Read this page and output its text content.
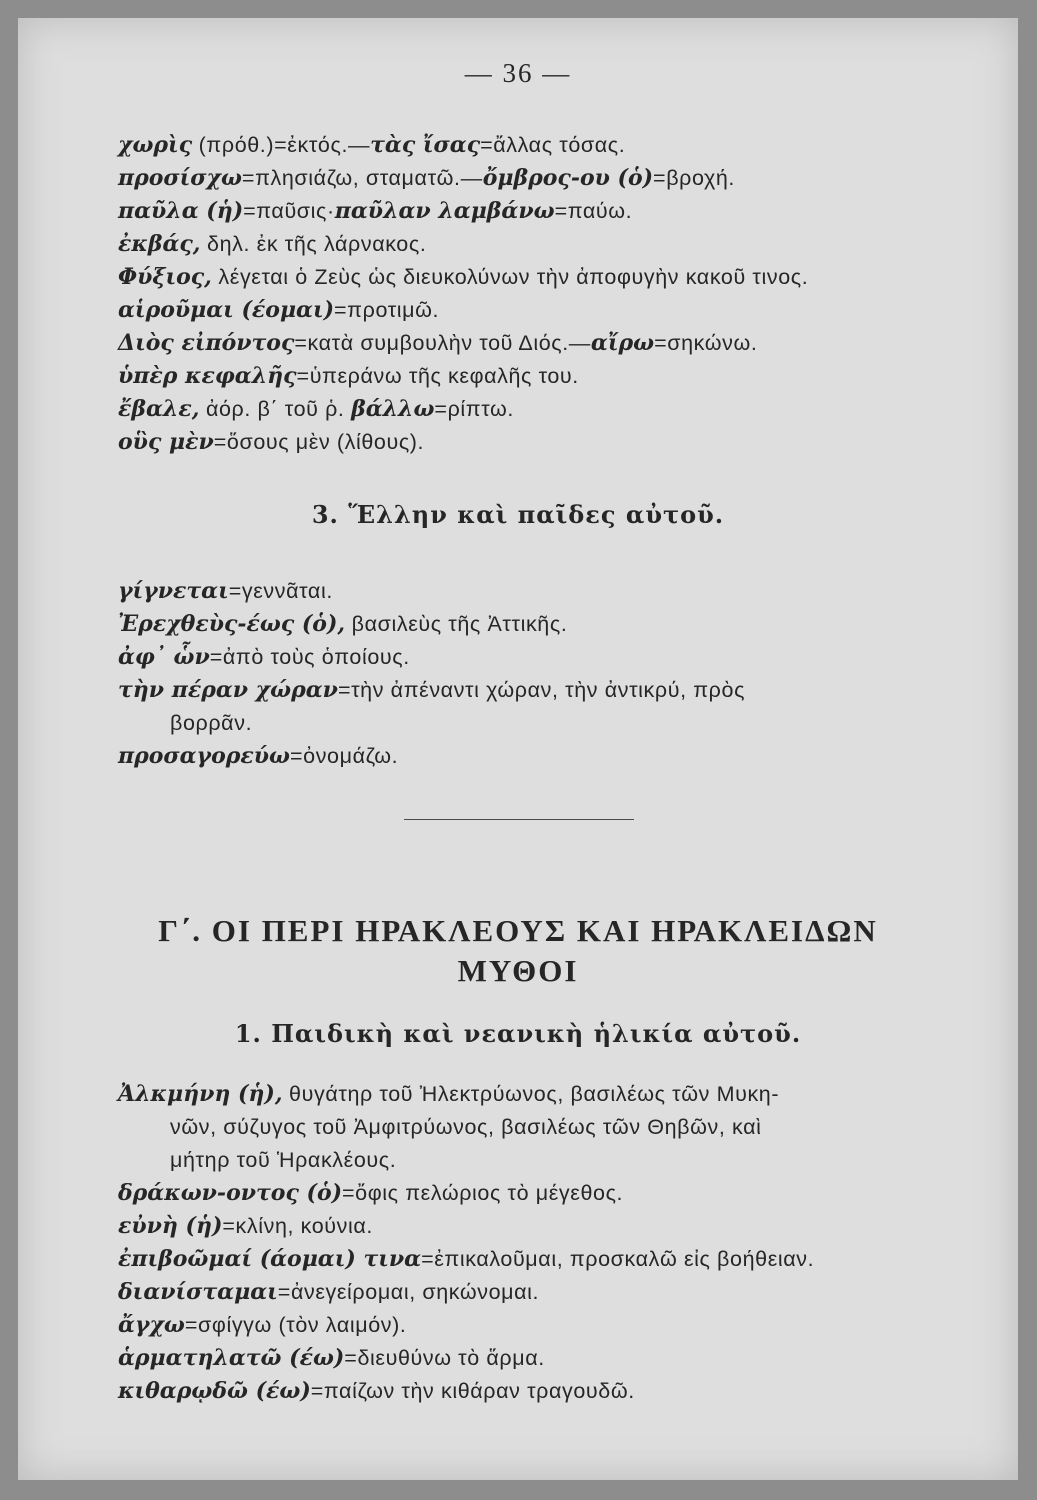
— 36 —
χωρὶς (πρόθ.)=ἐκτός.—τὰς ἴσας=ἄλλας τόσας.
προσίσχω=πλησιάζω, σταματῶ.—ὄμβρος-ου (ὁ)=βροχή.
παῦλα (ἡ)=παῦσις·παῦλαν λαμβάνω=παύω.
ἐκβάς, δηλ. ἐκ τῆς λάρνακος.
Φύξιος, λέγεται ὁ Ζεὺς ὡς διευκολύνων τὴν ἀποφυγὴν κακοῦ τινος.
αἱροῦμαι (έομαι)=προτιμῶ.
Διὸς εἰπόντος=κατὰ συμβουλὴν τοῦ Διός.—αἴρω=σηκώνω.
ὑπὲρ κεφαλῆς=ὑπεράνω τῆς κεφαλῆς του.
ἔβαλε, ἀόρ. β΄ τοῦ ῥ. βάλλω=ρίπτω.
οὓς μὲν=ὅσους μὲν (λίθους).
3. Ἕλλην καὶ παῖδες αὐτοῦ.
γίγνεται=γεννᾶται.
Ἐρεχθεὺς-έως (ὁ), βασιλεὺς τῆς Ἀττικῆς.
ἀφ᾿ ὧν=ἀπὸ τοὺς ὁποίους.
τὴν πέραν χώραν=τὴν ἀπέναντι χώραν, τὴν ἀντικρύ, πρὸς
βορρᾶν.
προσαγορεύω=ὀνομάζω.
Γ΄. ΟΙ ΠΕΡΙ ΗΡΑΚΛΕΟΥΣ ΚΑΙ ΗΡΑΚΛΕΙΔΩΝ
ΜΥΘΟΙ
1. Παιδικὴ καὶ νεανικὴ ἡλικία αὐτοῦ.
Ἀλκμήνη (ἡ), θυγάτηρ τοῦ Ἠλεκτρύωνος, βασιλέως τῶν Μυκη-
νῶν, σύζυγος τοῦ Ἀμφιτρύωνος, βασιλέως τῶν Θηβῶν, καὶ
μήτηρ τοῦ Ἡρακλέους.
δράκων-οντος (ὁ)=ὄφις πελώριος τὸ μέγεθος.
εὐνὴ (ἡ)=κλίνη, κούνια.
ἐπιβοῶμαί (άομαι) τινα=ἐπικαλοῦμαι, προσκαλῶ εἰς βοήθειαν.
διανίσταμαι=ἀνεγείρομαι, σηκώνομαι.
ἄγχω=σφίγγω (τὸν λαιμόν).
ἁρματηλατῶ (έω)=διευθύνω τὸ ἅρμα.
κιθαρῳδῶ (έω)=παίζων τὴν κιθάραν τραγουδῶ.
